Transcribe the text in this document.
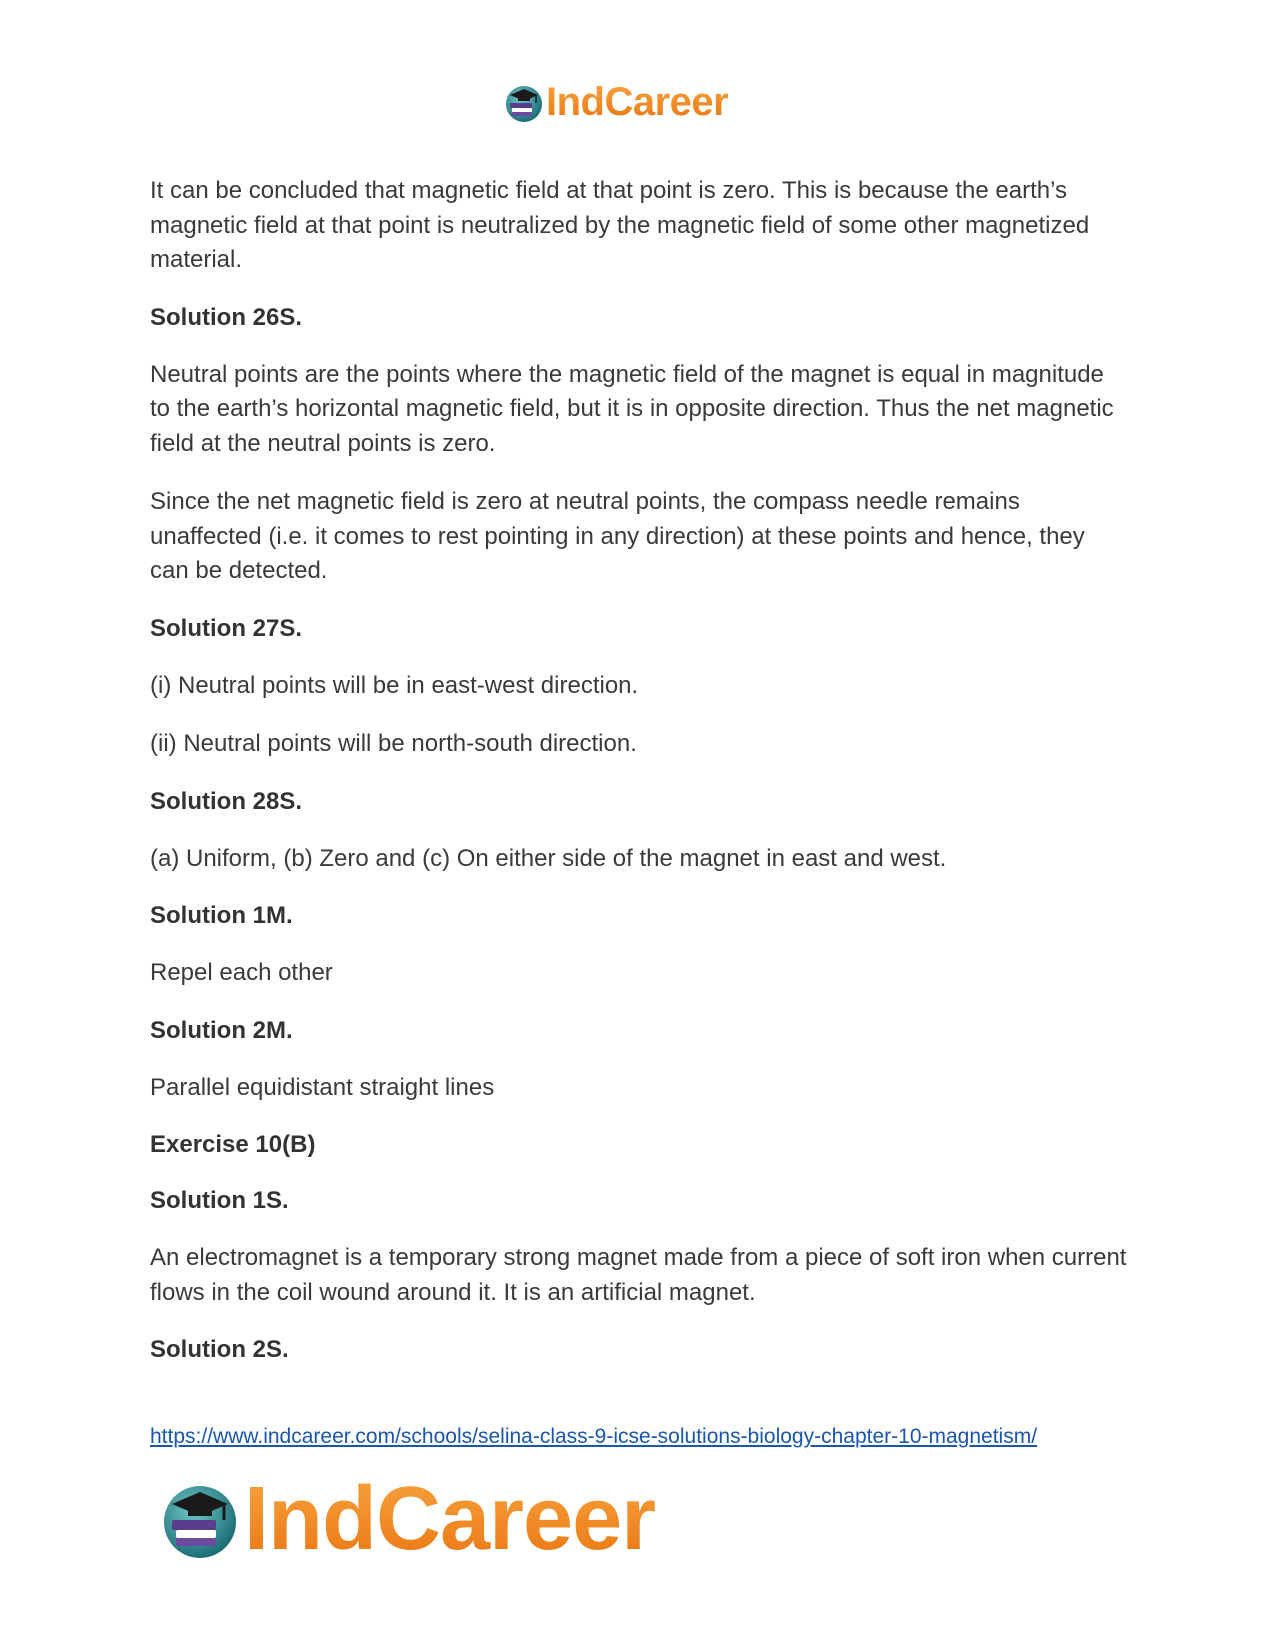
IndCareer

It can be concluded that magnetic field at that point is zero. This is because the earth’s magnetic field at that point is neutralized by the magnetic field of some other magnetized material.

Solution 26S.

Neutral points are the points where the magnetic field of the magnet is equal in magnitude to the earth’s horizontal magnetic field, but it is in opposite direction. Thus the net magnetic field at the neutral points is zero.

Since the net magnetic field is zero at neutral points, the compass needle remains unaffected (i.e. it comes to rest pointing in any direction) at these points and hence, they can be detected.

Solution 27S.

(i) Neutral points will be in east-west direction.

(ii) Neutral points will be north-south direction.

Solution 28S.

(a) Uniform, (b) Zero and (c) On either side of the magnet in east and west.

Solution 1M.

Repel each other

Solution 2M.

Parallel equidistant straight lines

Exercise 10(B)

Solution 1S.

An electromagnet is a temporary strong magnet made from a piece of soft iron when current flows in the coil wound around it. It is an artificial magnet.

Solution 2S.

https://www.indcareer.com/schools/selina-class-9-icse-solutions-biology-chapter-10-magnetism/
IndCareer
